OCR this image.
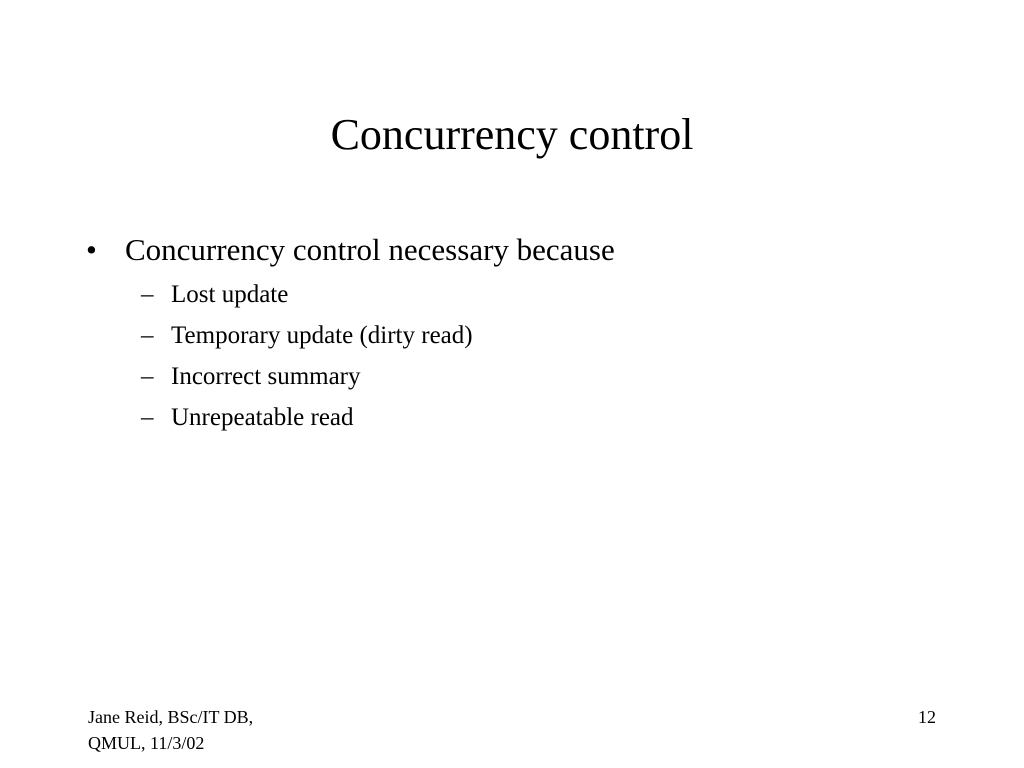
Concurrency control
• Concurrency control necessary because
– Lost update
– Temporary update (dirty read)
– Incorrect summary
– Unrepeatable read
Jane Reid, BSc/IT DB,
QMUL, 11/3/02
12
